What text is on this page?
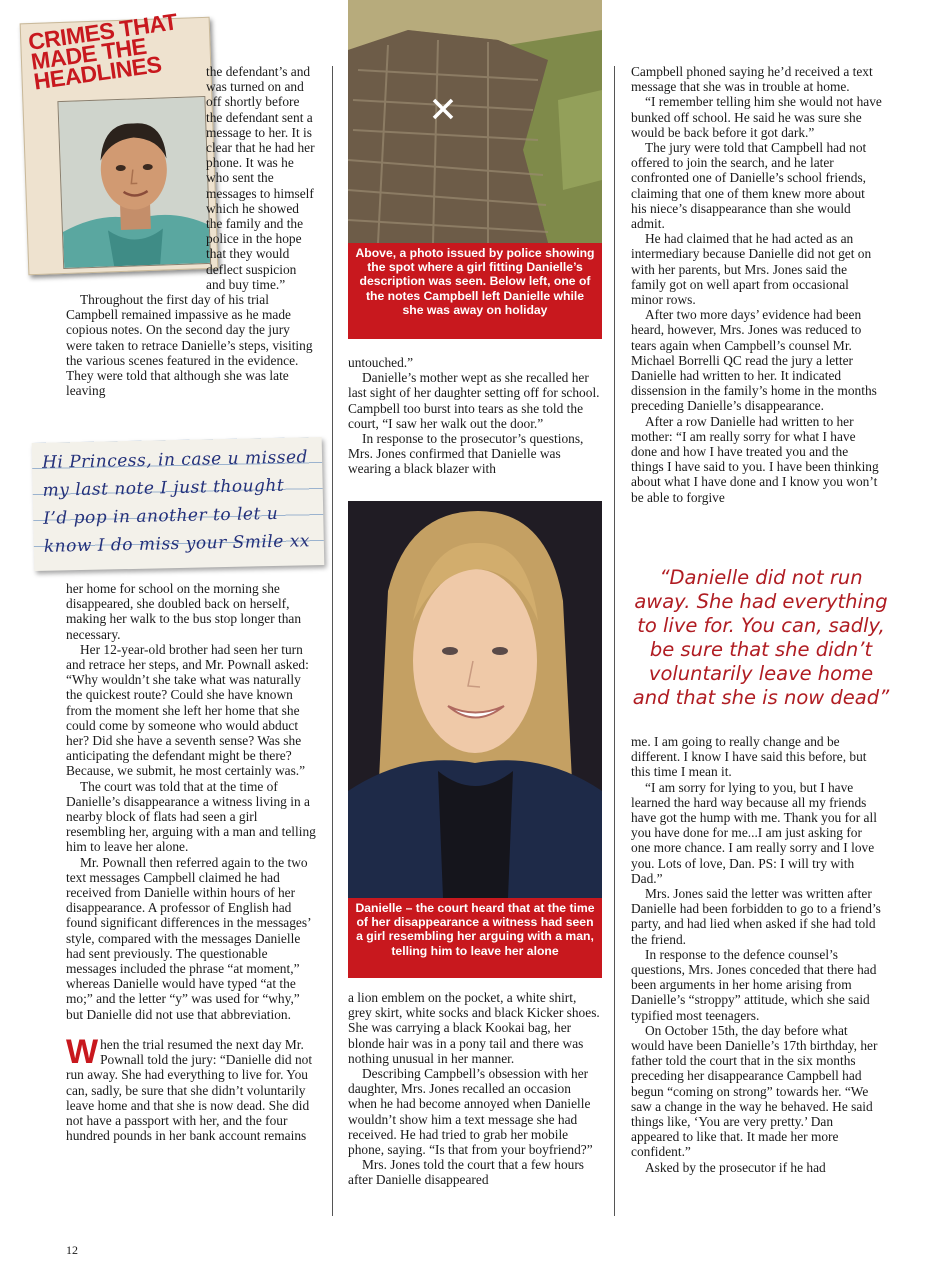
CRIMES THAT MADE THE HEADLINES	the defendant’s and was turned on and off shortly before the defendant sent a message to her. It is clear that he had her phone. It was he who sent the messages to himself which he showed the family and the police in the hope that they would deflect suspicion and buy time.”

Throughout the first day of his trial Campbell remained impassive as he made copious notes. On the second day the jury were taken to retrace Danielle’s steps, visiting the various scenes featured in the evidence. They were told that although she was late leaving

Hi Princess, in case u missed
my last note I just thought
I’d pop in another to let u
know I do miss your Smile xx

her home for school on the morning she disappeared, she doubled back on herself, making her walk to the bus stop longer than necessary.

Her 12-year-old brother had seen her turn and retrace her steps, and Mr. Pownall asked: “Why wouldn’t she take what was naturally the quickest route? Could she have known from the moment she left her home that she could come by someone who would abduct her? Did she have a seventh sense? Was she anticipating the defendant might be there? Because, we submit, he most certainly was.”

The court was told that at the time of Danielle’s disappearance a witness living in a nearby block of flats had seen a girl resembling her, arguing with a man and telling him to leave her alone.

Mr. Pownall then referred again to the two text messages Campbell claimed he had received from Danielle within hours of her disappearance. A professor of English had found significant differences in the messages’ style, compared with the messages Danielle had sent previously. The questionable messages included the phrase “at moment,” whereas Danielle would have typed “at the mo;” and the letter “y” was used for “why,” but Danielle did not use that abbreviation.

When the trial resumed the next day Mr. Pownall told the jury: “Danielle did not run away. She had everything to live for. You can, sadly, be sure that she didn’t voluntarily leave home and that she is now dead. She did not have a passport with her, and the four hundred pounds in her bank account remains

Above, a photo issued by police showing the spot where a girl fitting Danielle’s description was seen. Below left, one of the notes Campbell left Danielle while she was away on holiday

untouched.”

Danielle’s mother wept as she recalled her last sight of her daughter setting off for school. Campbell too burst into tears as she told the court, “I saw her walk out the door.”

In response to the prosecutor’s questions, Mrs. Jones confirmed that Danielle was wearing a black blazer with

Danielle – the court heard that at the time of her disappearance a witness had seen a girl resembling her arguing with a man, telling him to leave her alone

a lion emblem on the pocket, a white shirt, grey skirt, white socks and black Kicker shoes. She was carrying a black Kookai bag, her blonde hair was in a pony tail and there was nothing unusual in her manner.

Describing Campbell’s obsession with her daughter, Mrs. Jones recalled an occasion when he had become annoyed when Danielle wouldn’t show him a text message she had received. He had tried to grab her mobile phone, saying. “Is that from your boyfriend?”

Mrs. Jones told the court that a few hours after Danielle disappeared

Campbell phoned saying he’d received a text message that she was in trouble at home.

“I remember telling him she would not have bunked off school. He said he was sure she would be back before it got dark.”

The jury were told that Campbell had not offered to join the search, and he later confronted one of Danielle’s school friends, claiming that one of them knew more about his niece’s disappearance than she would admit.

He had claimed that he had acted as an intermediary because Danielle did not get on with her parents, but Mrs. Jones said the family got on well apart from occasional minor rows.

After two more days’ evidence had been heard, however, Mrs. Jones was reduced to tears again when Campbell’s counsel Mr. Michael Borrelli QC read the jury a letter Danielle had written to her. It indicated dissension in the family’s home in the months preceding Danielle’s disappearance.

After a row Danielle had written to her mother: “I am really sorry for what I have done and how I have treated you and the things I have said to you. I have been thinking about what I have done and I know you won’t be able to forgive

“Danielle did not run away. She had everything to live for. You can, sadly, be sure that she didn’t voluntarily leave home and that she is now dead”

me. I am going to really change and be different. I know I have said this before, but this time I mean it.

“I am sorry for lying to you, but I have learned the hard way because all my friends have got the hump with me. Thank you for all you have done for me...I am just asking for one more chance. I am really sorry and I love you. Lots of love, Dan. PS: I will try with Dad.”

Mrs. Jones said the letter was written after Danielle had been forbidden to go to a friend’s party, and had lied when asked if she had told the friend.

In response to the defence counsel’s questions, Mrs. Jones conceded that there had been arguments in her home arising from Danielle’s “stroppy” attitude, which she said typified most teenagers.

On October 15th, the day before what would have been Danielle’s 17th birthday, her father told the court that in the six months preceding her disappearance Campbell had begun “coming on strong” towards her. “We saw a change in the way he behaved. He said things like, ‘You are very pretty.’ Dan appeared to like that. It made her more confident.”

Asked by the prosecutor if he had

12
